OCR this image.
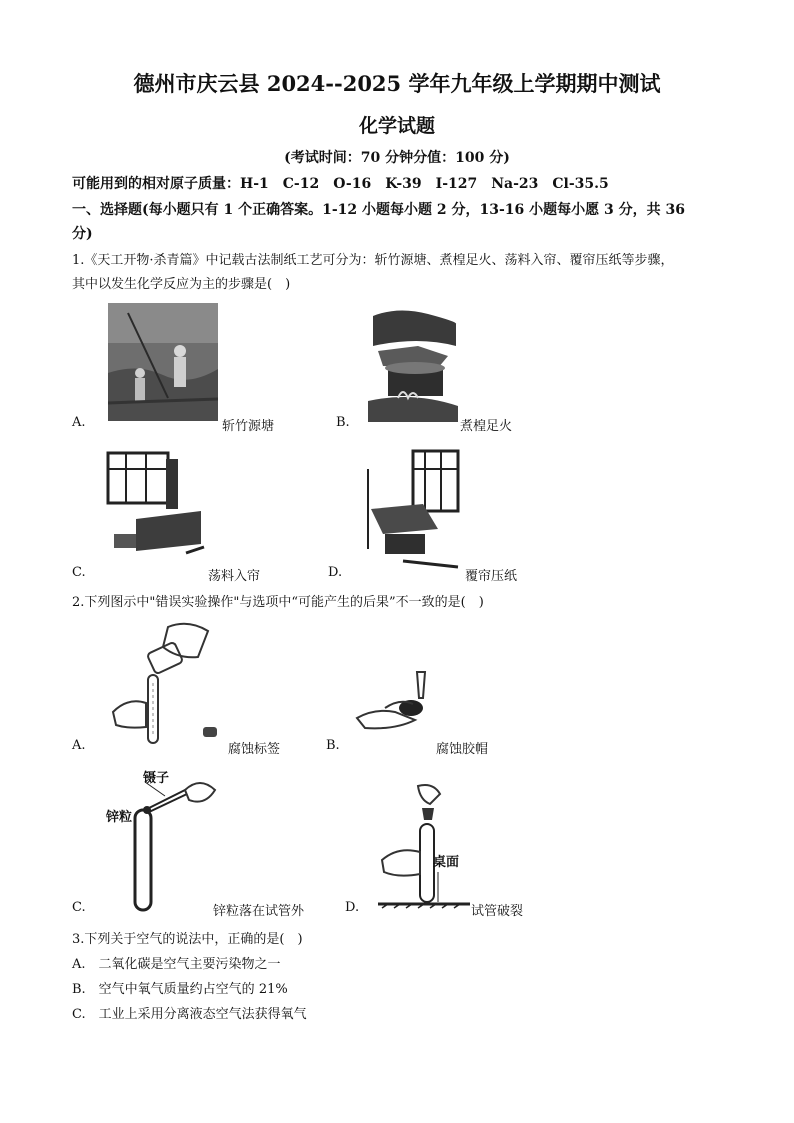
德州市庆云县 2024--2025 学年九年级上学期期中测试
化学试题
(考试时间：70 分钟分值：100 分)
可能用到的相对原子质量：H-1　C-12　O-16　K-39　I-127　Na-23　Cl-35.5
一、选择题(每小题只有 1 个正确答案。1-12 小题每小题 2 分，13-16 小题每小愿 3 分，共 36
分)
1.《天工开物·杀青篇》中记载古法制纸工艺可分为：斩竹源塘、煮楻足火、荡料入帘、覆帘压纸等步骤，
其中以发生化学反应为主的步骤是(　)
A.	斩竹源塘	B.	煮楻足火
C.	荡料入帘	D.	覆帘压纸
2.下列图示中"错误实验操作"与选项中“可能产生的后果”不一致的是(　)
A.	腐蚀标签	B.	腐蚀胶帽
镊子
锌粒
C.	锌粒落在试管外
桌面
D.	试管破裂
3.下列关于空气的说法中，正确的是(　)
A.　二氧化碳是空气主要污染物之一
B.　空气中氧气质量约占空气的 21%
C.　工业上采用分离液态空气法获得氧气
